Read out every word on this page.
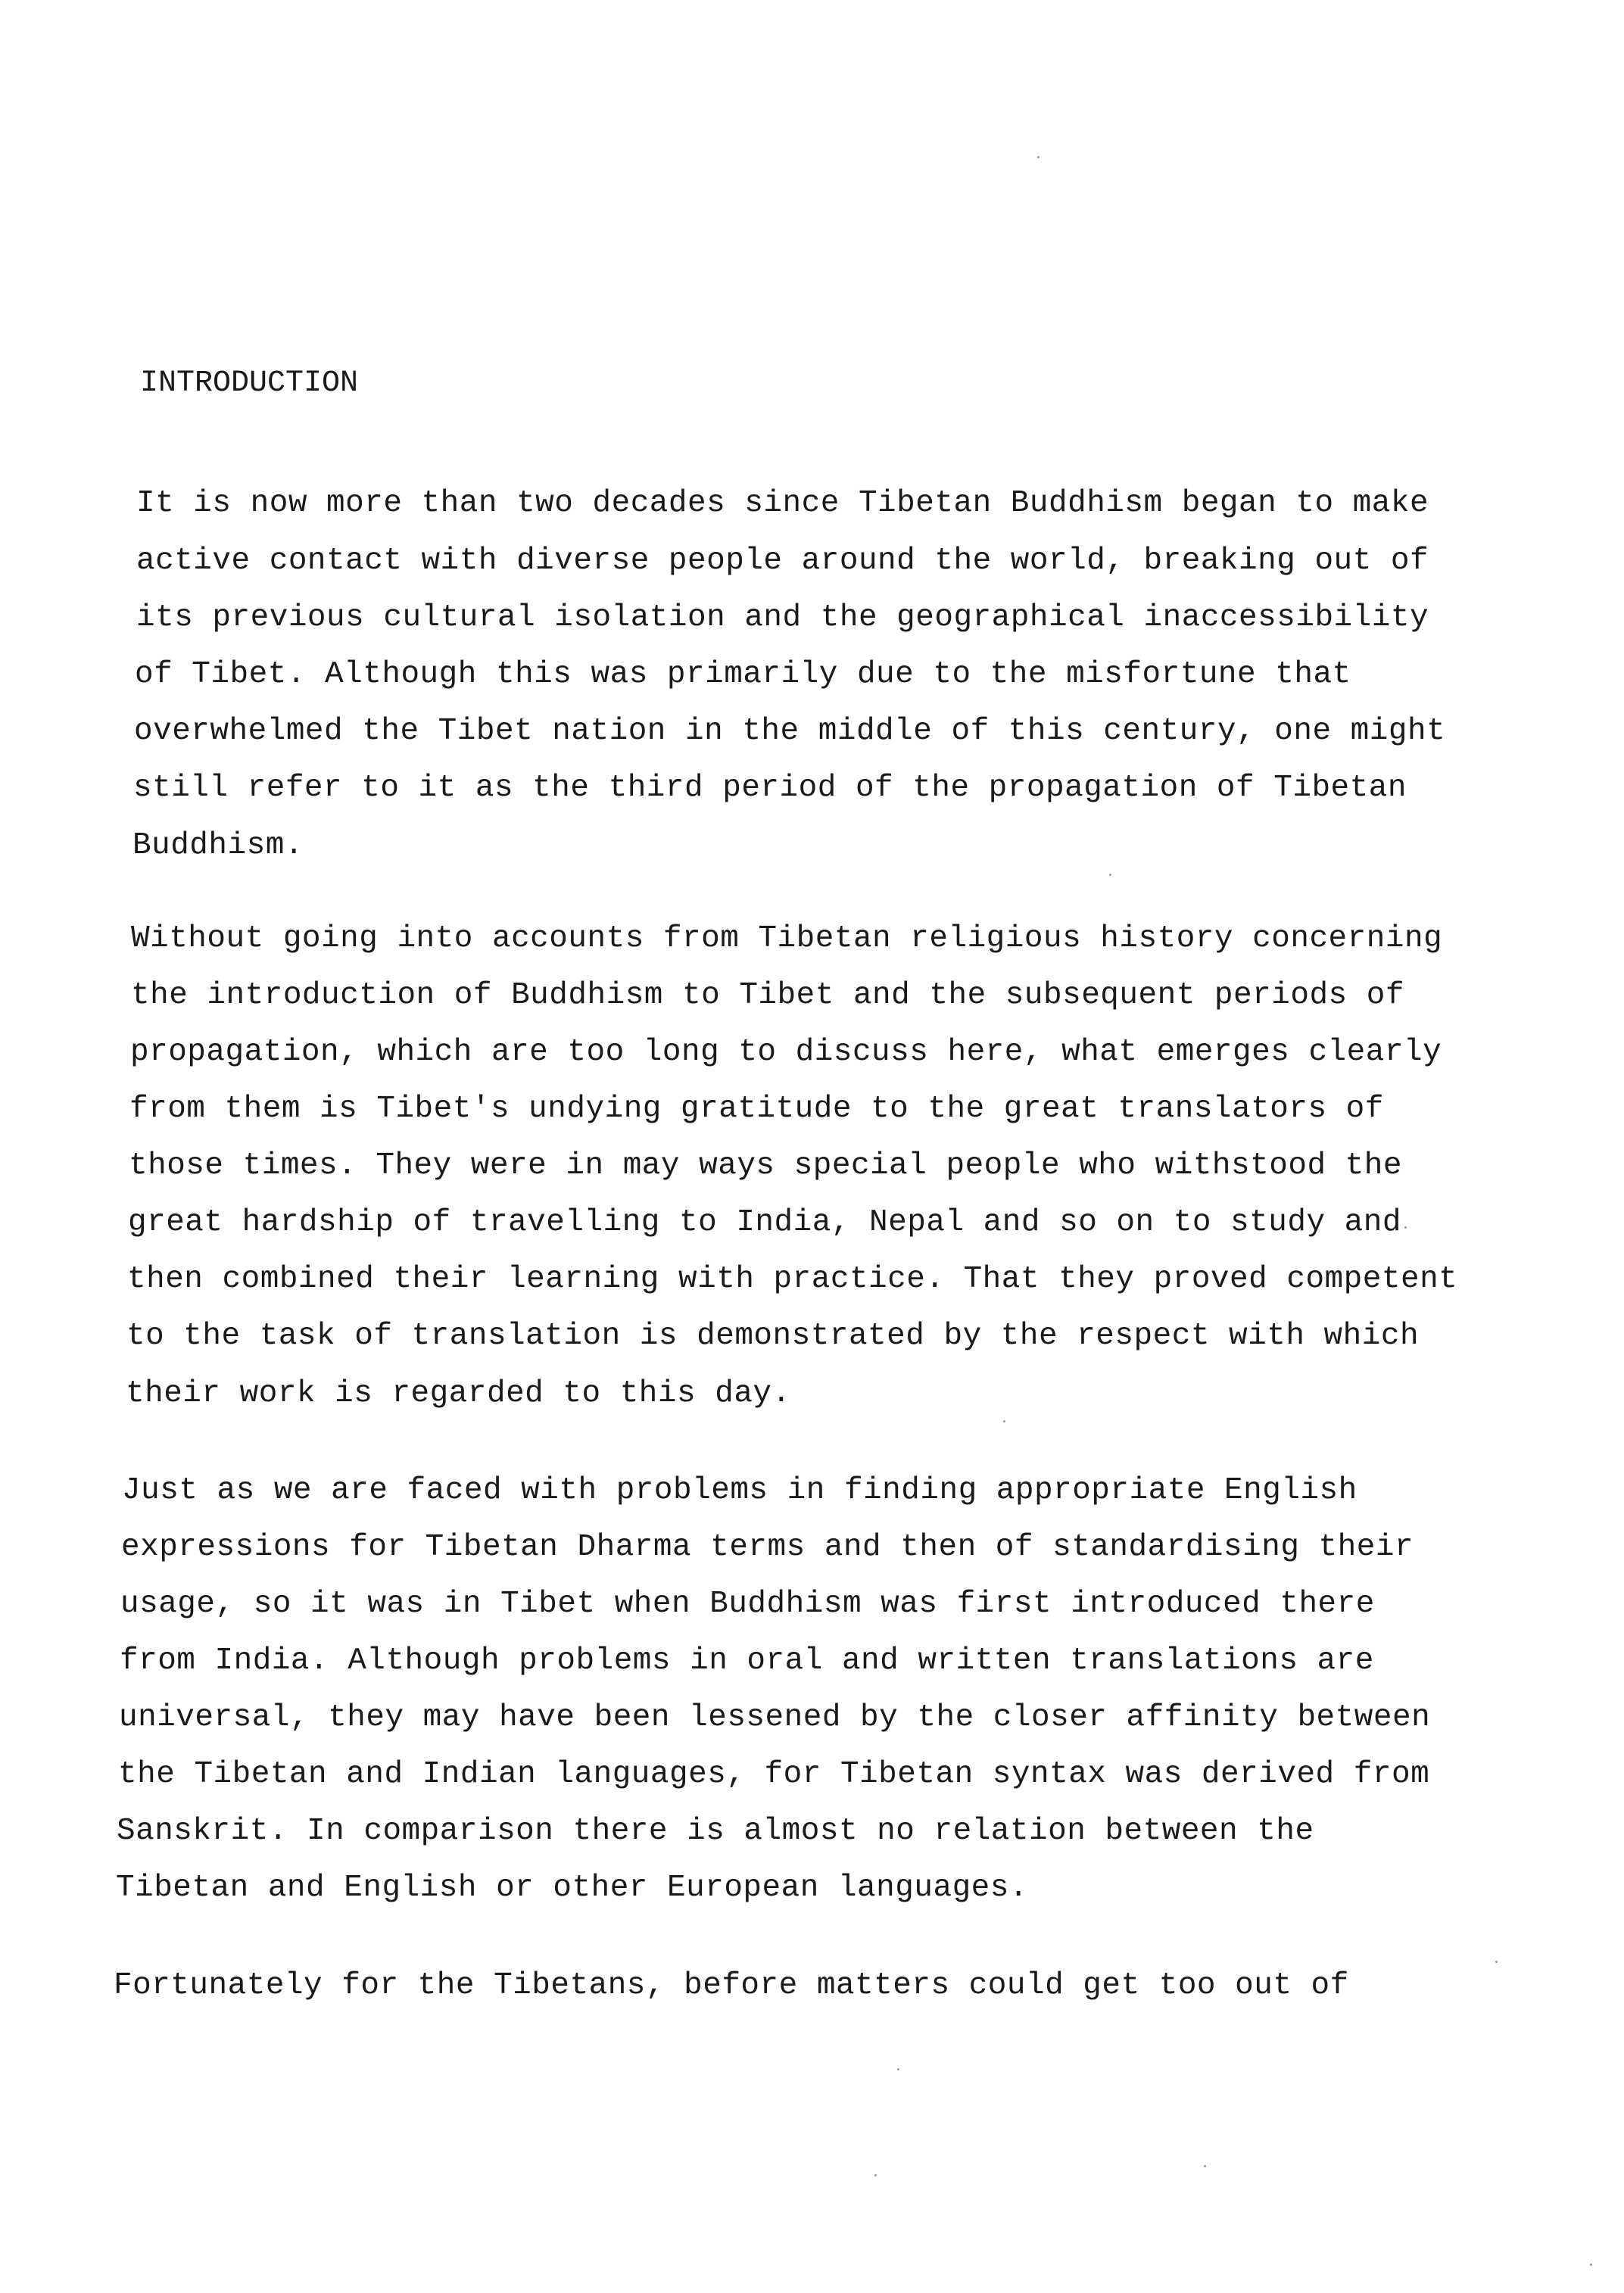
INTRODUCTION
It is now more than two decades since Tibetan Buddhism began to make
active contact with diverse people around the world, breaking out of
its previous cultural isolation and the geographical inaccessibility
of Tibet. Although this was primarily due to the misfortune that
overwhelmed the Tibet nation in the middle of this century, one might
still refer to it as the third period of the propagation of Tibetan
Buddhism.
Without going into accounts from Tibetan religious history concerning
the introduction of Buddhism to Tibet and the subsequent periods of
propagation, which are too long to discuss here, what emerges clearly
from them is Tibet's undying gratitude to the great translators of
those times. They were in may ways special people who withstood the
great hardship of travelling to India, Nepal and so on to study and
then combined their learning with practice. That they proved competent
to the task of translation is demonstrated by the respect with which
their work is regarded to this day.
Just as we are faced with problems in finding appropriate English
expressions for Tibetan Dharma terms and then of standardising their
usage, so it was in Tibet when Buddhism was first introduced there
from India. Although problems in oral and written translations are
universal, they may have been lessened by the closer affinity between
the Tibetan and Indian languages, for Tibetan syntax was derived from
Sanskrit. In comparison there is almost no relation between the
Tibetan and English or other European languages.
Fortunately for the Tibetans, before matters could get too out of
